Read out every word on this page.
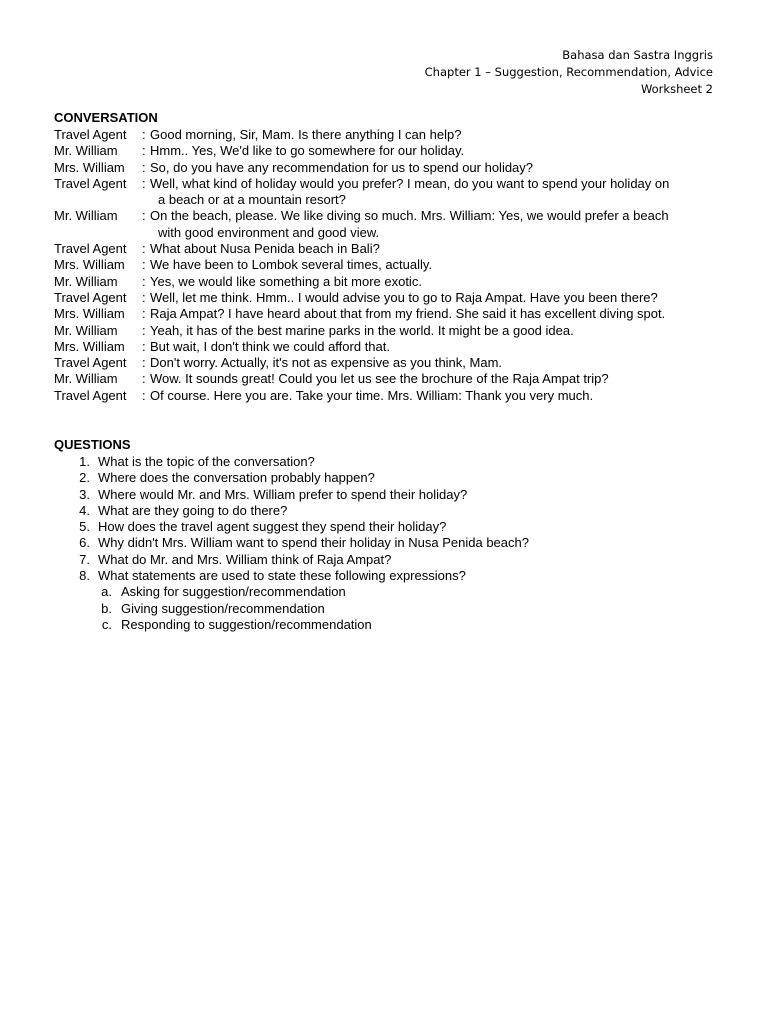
Bahasa dan Sastra Inggris
Chapter 1 – Suggestion, Recommendation, Advice
Worksheet 2
CONVERSATION
Travel Agent	: Good morning, Sir, Mam. Is there anything I can help?
Mr. William	: Hmm.. Yes, We'd like to go somewhere for our holiday.
Mrs. William	: So, do you have any recommendation for us to spend our holiday?
Travel Agent	: Well, what kind of holiday would you prefer? I mean, do you want to spend your holiday on
a beach or at a mountain resort?
Mr. William	: On the beach, please. We like diving so much. Mrs. William: Yes, we would prefer a beach
with good environment and good view.
Travel Agent	: What about Nusa Penida beach in Bali?
Mrs. William	: We have been to Lombok several times, actually.
Mr. William	: Yes, we would like something a bit more exotic.
Travel Agent	: Well, let me think. Hmm.. I would advise you to go to Raja Ampat. Have you been there?
Mrs. William	: Raja Ampat? I have heard about that from my friend. She said it has excellent diving spot.
Mr. William	: Yeah, it has of the best marine parks in the world. It might be a good idea.
Mrs. William	: But wait, I don't think we could afford that.
Travel Agent	: Don't worry. Actually, it's not as expensive as you think, Mam.
Mr. William	: Wow. It sounds great! Could you let us see the brochure of the Raja Ampat trip?
Travel Agent	: Of course. Here you are. Take your time. Mrs. William: Thank you very much.
QUESTIONS
1. What is the topic of the conversation?
2. Where does the conversation probably happen?
3. Where would Mr. and Mrs. William prefer to spend their holiday?
4. What are they going to do there?
5. How does the travel agent suggest they spend their holiday?
6. Why didn't Mrs. William want to spend their holiday in Nusa Penida beach?
7. What do Mr. and Mrs. William think of Raja Ampat?
8. What statements are used to state these following expressions?
a. Asking for suggestion/recommendation
b. Giving suggestion/recommendation
c. Responding to suggestion/recommendation
